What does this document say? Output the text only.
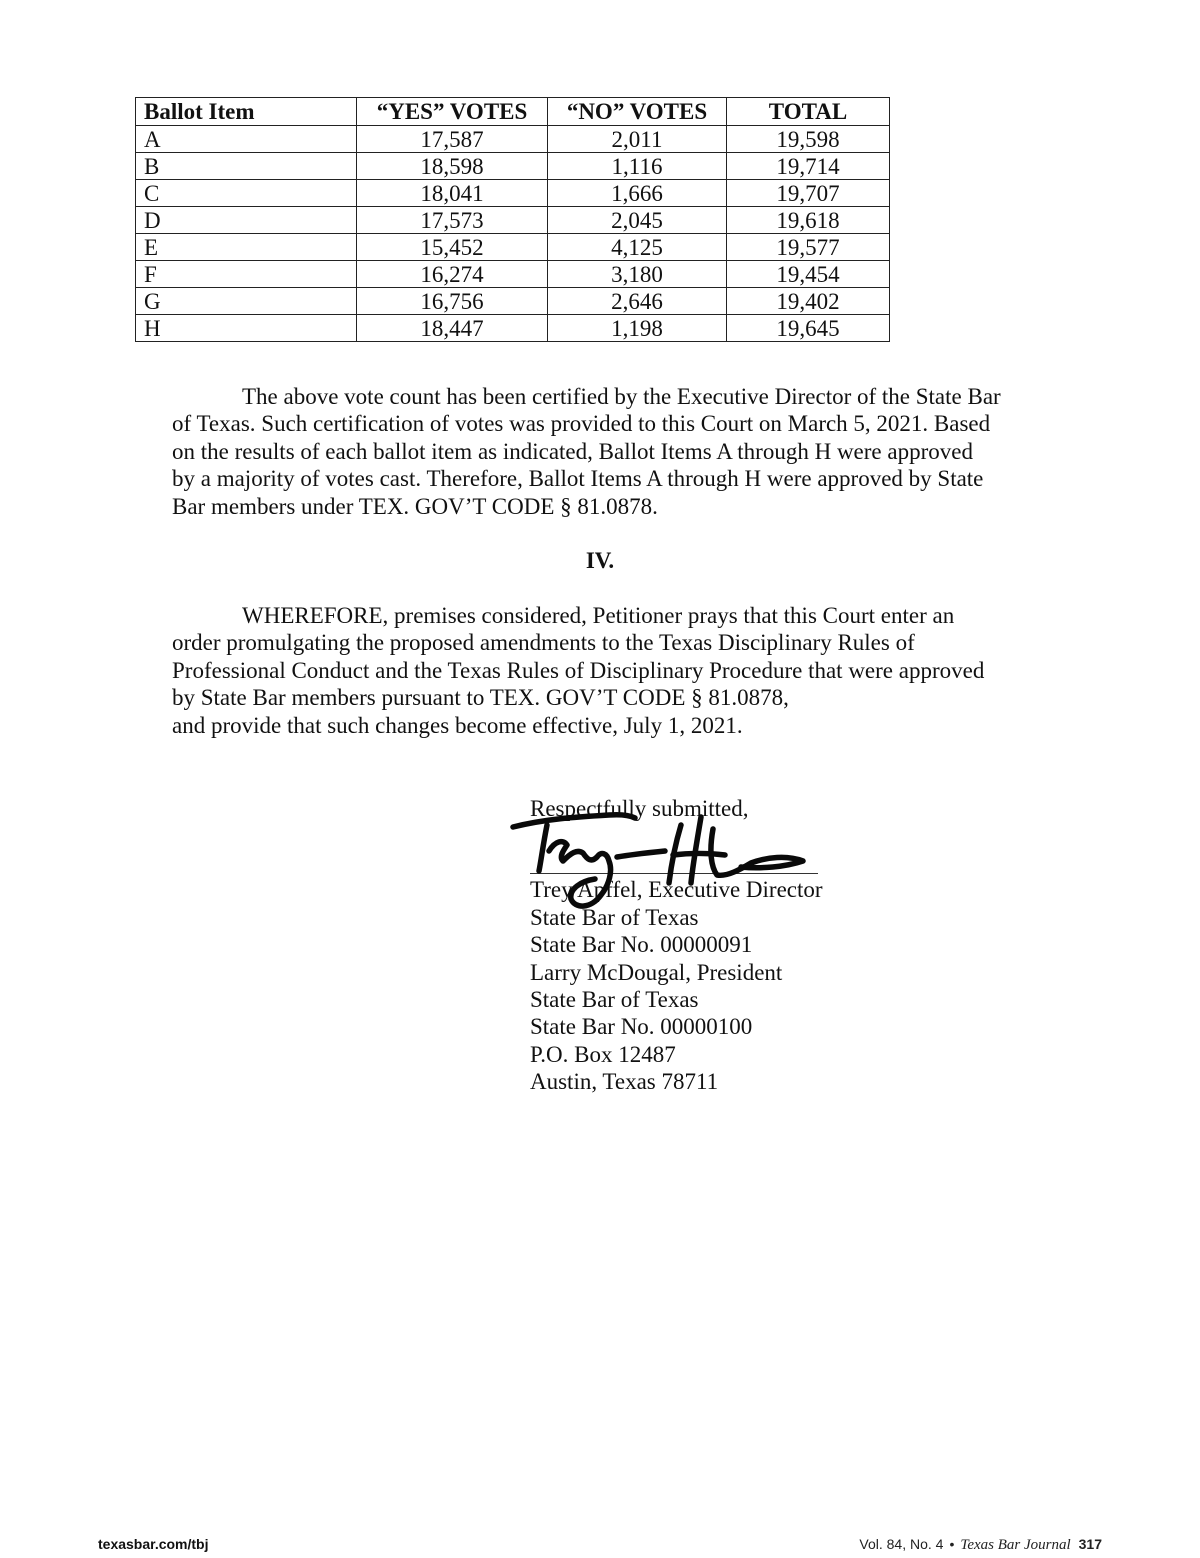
Ballot Item	“YES” VOTES	“NO” VOTES	TOTAL
A	17,587	2,011	19,598
B	18,598	1,116	19,714
C	18,041	1,666	19,707
D	17,573	2,045	19,618
E	15,452	4,125	19,577
F	16,274	3,180	19,454
G	16,756	2,646	19,402
H	18,447	1,198	19,645
The above vote count has been certified by the Executive Director of the State Bar
of Texas. Such certification of votes was provided to this Court on March 5, 2021. Based
on the results of each ballot item as indicated, Ballot Items A through H were approved
by a majority of votes cast. Therefore, Ballot Items A through H were approved by State
Bar members under TEX. GOV’T CODE § 81.0878.
IV.
WHEREFORE, premises considered, Petitioner prays that this Court enter an
order promulgating the proposed amendments to the Texas Disciplinary Rules of
Professional Conduct and the Texas Rules of Disciplinary Procedure that were approved
by State Bar members pursuant to TEX. GOV’T CODE § 81.0878,
and provide that such changes become effective, July 1, 2021.
Respectfully submitted,
Trey Apffel, Executive Director
State Bar of Texas
State Bar No. 00000091
Larry McDougal, President
State Bar of Texas
State Bar No. 00000100
P.O. Box 12487
Austin, Texas 78711
texasbar.com/tbj	Vol. 84, No. 4 • Texas Bar Journal 317
